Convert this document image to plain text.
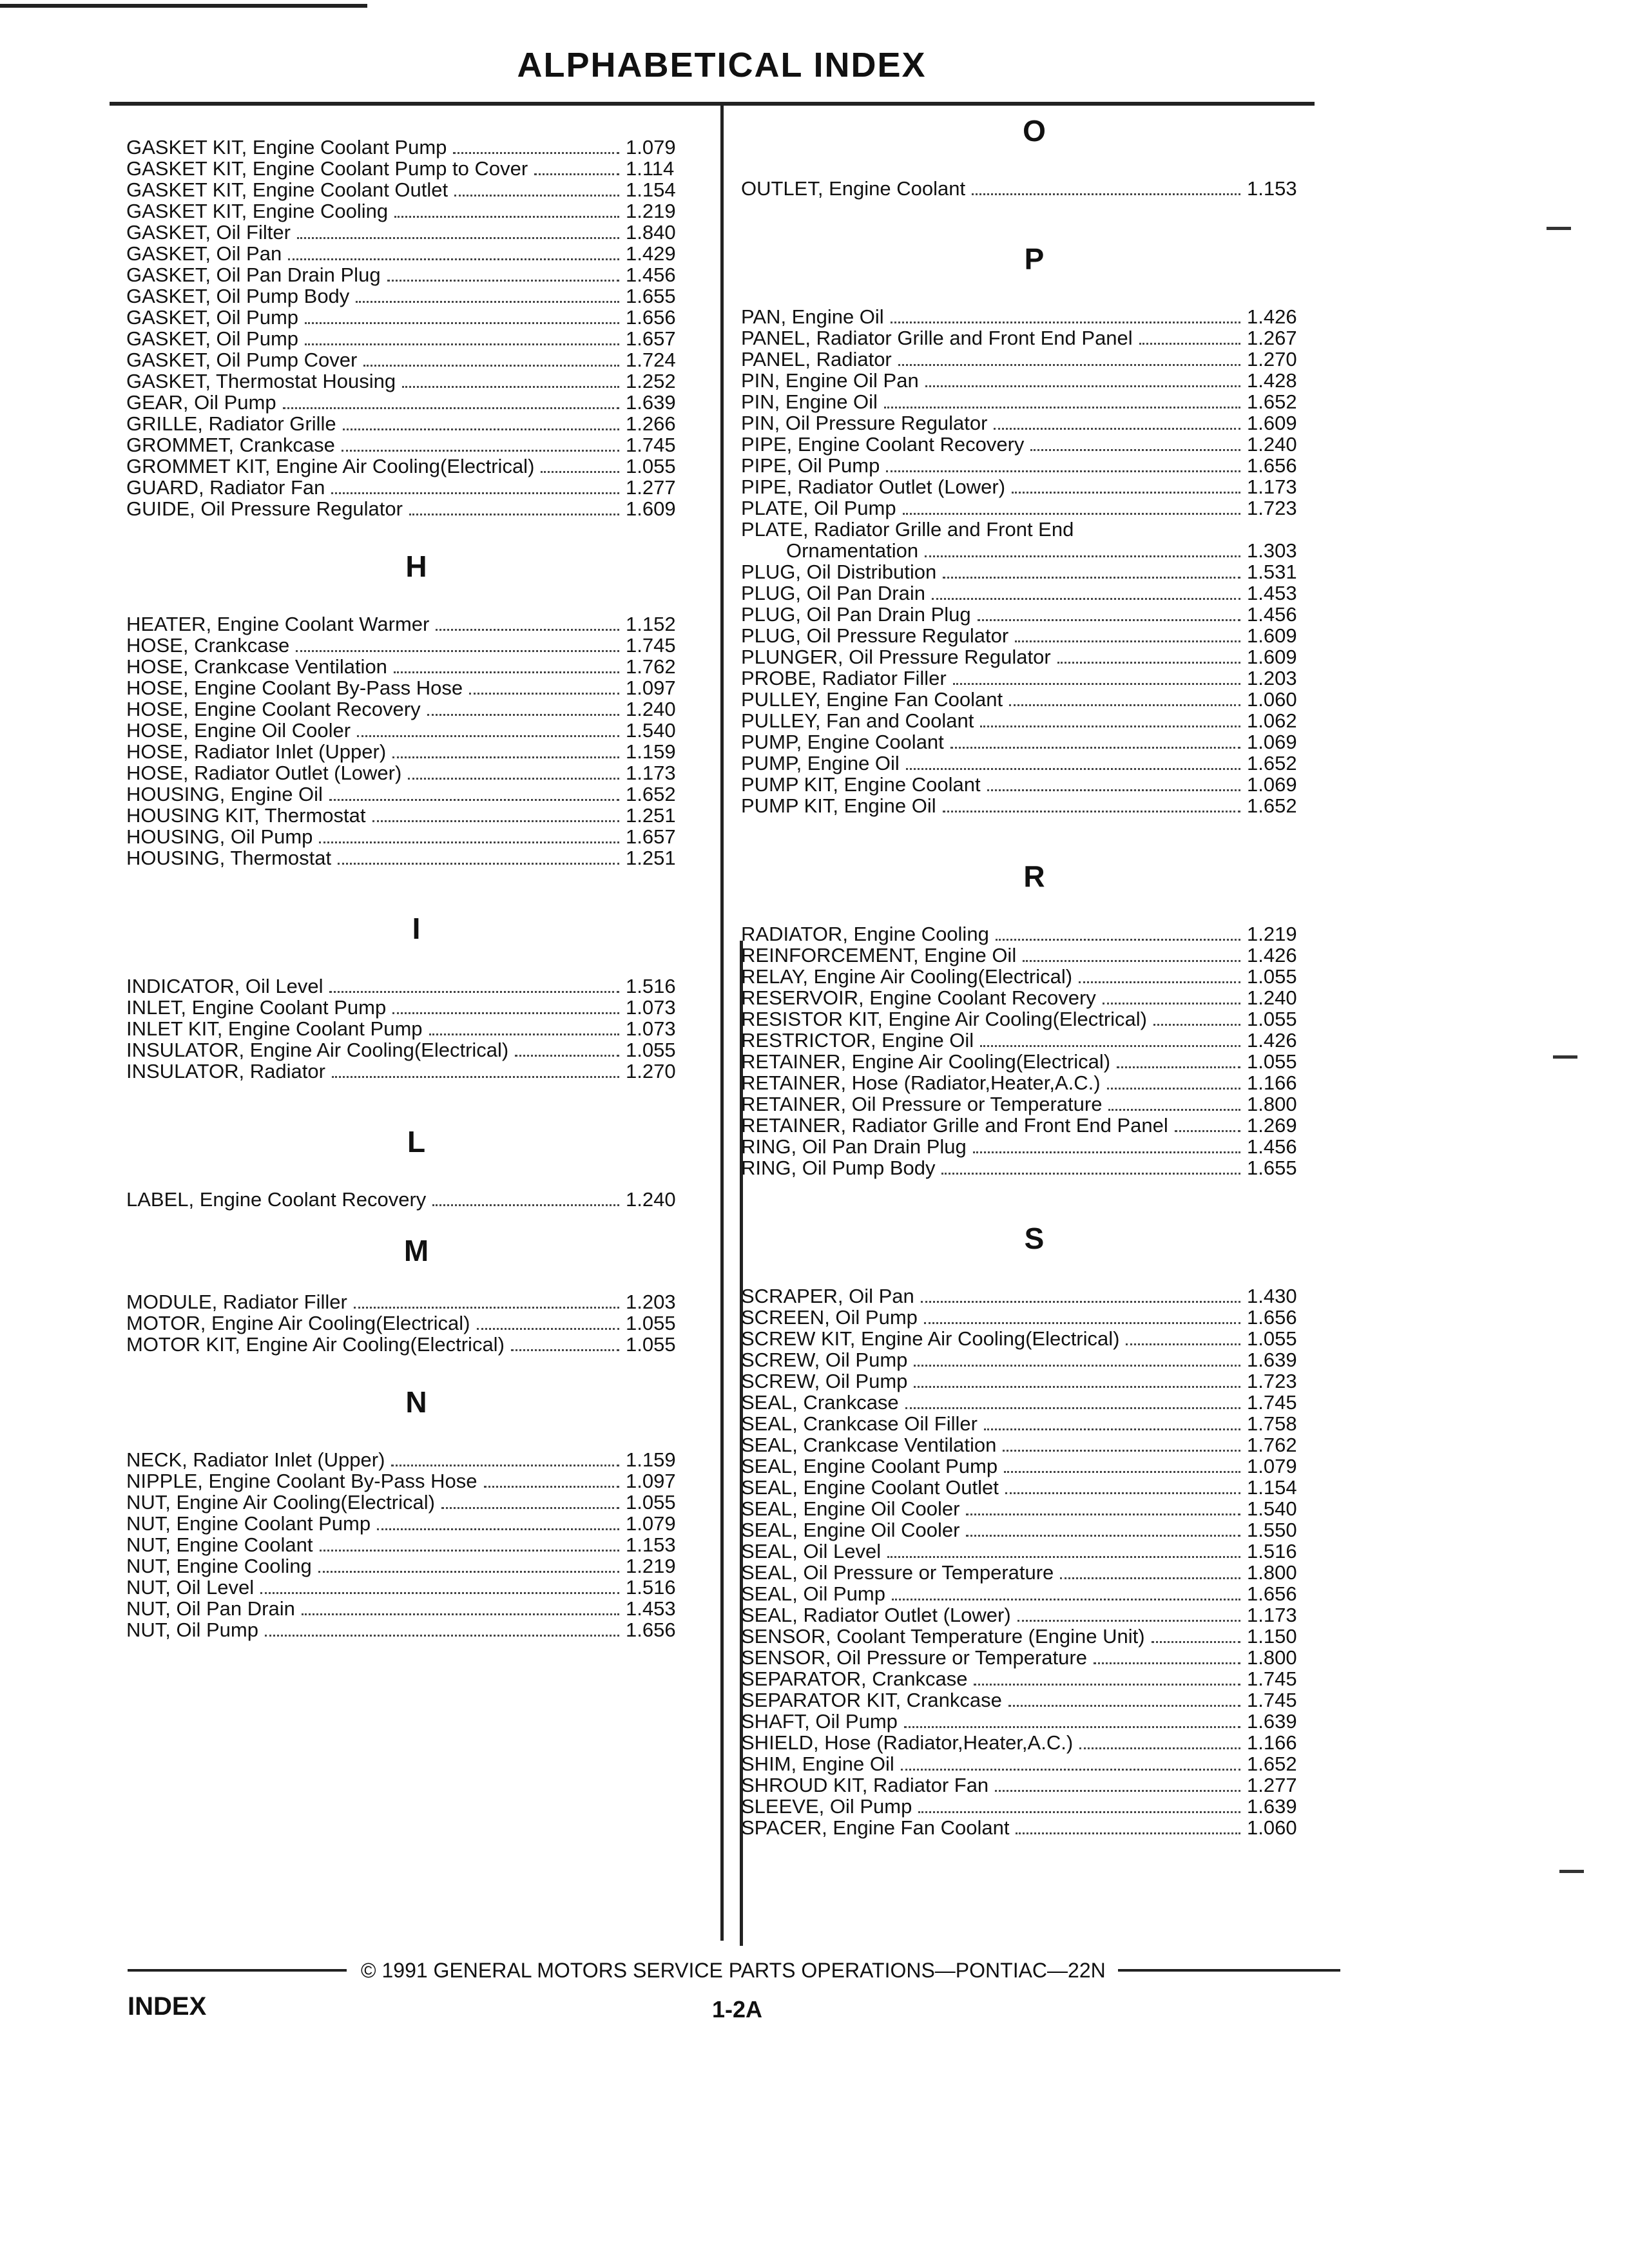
ALPHABETICAL INDEX
GASKET KIT, Engine Coolant Pump	1.079
GASKET KIT, Engine Coolant Pump to Cover	1.114
GASKET KIT, Engine Coolant Outlet	1.154
GASKET KIT, Engine Cooling	1.219
GASKET, Oil Filter	1.840
GASKET, Oil Pan	1.429
GASKET, Oil Pan Drain Plug	1.456
GASKET, Oil Pump Body	1.655
GASKET, Oil Pump	1.656
GASKET, Oil Pump	1.657
GASKET, Oil Pump Cover	1.724
GASKET, Thermostat Housing	1.252
GEAR, Oil Pump	1.639
GRILLE, Radiator Grille	1.266
GROMMET, Crankcase	1.745
GROMMET KIT, Engine Air Cooling(Electrical)	1.055
GUARD, Radiator Fan	1.277
GUIDE, Oil Pressure Regulator	1.609
H
HEATER, Engine Coolant Warmer	1.152
HOSE, Crankcase	1.745
HOSE, Crankcase Ventilation	1.762
HOSE, Engine Coolant By-Pass Hose	1.097
HOSE, Engine Coolant Recovery	1.240
HOSE, Engine Oil Cooler	1.540
HOSE, Radiator Inlet (Upper)	1.159
HOSE, Radiator Outlet (Lower)	1.173
HOUSING, Engine Oil	1.652
HOUSING KIT, Thermostat	1.251
HOUSING, Oil Pump	1.657
HOUSING, Thermostat	1.251
I
INDICATOR, Oil Level	1.516
INLET, Engine Coolant Pump	1.073
INLET KIT, Engine Coolant Pump	1.073
INSULATOR, Engine Air Cooling(Electrical)	1.055
INSULATOR, Radiator	1.270
L
LABEL, Engine Coolant Recovery	1.240
M
MODULE, Radiator Filler	1.203
MOTOR, Engine Air Cooling(Electrical)	1.055
MOTOR KIT, Engine Air Cooling(Electrical)	1.055
N
NECK, Radiator Inlet (Upper)	1.159
NIPPLE, Engine Coolant By-Pass Hose	1.097
NUT, Engine Air Cooling(Electrical)	1.055
NUT, Engine Coolant Pump	1.079
NUT, Engine Coolant	1.153
NUT, Engine Cooling	1.219
NUT, Oil Level	1.516
NUT, Oil Pan Drain	1.453
NUT, Oil Pump	1.656
O
OUTLET, Engine Coolant	1.153
P
PAN, Engine Oil	1.426
PANEL, Radiator Grille and Front End Panel	1.267
PANEL, Radiator	1.270
PIN, Engine Oil Pan	1.428
PIN, Engine Oil	1.652
PIN, Oil Pressure Regulator	1.609
PIPE, Engine Coolant Recovery	1.240
PIPE, Oil Pump	1.656
PIPE, Radiator Outlet (Lower)	1.173
PLATE, Oil Pump	1.723
PLATE, Radiator Grille and Front End
Ornamentation	1.303
PLUG, Oil Distribution	1.531
PLUG, Oil Pan Drain	1.453
PLUG, Oil Pan Drain Plug	1.456
PLUG, Oil Pressure Regulator	1.609
PLUNGER, Oil Pressure Regulator	1.609
PROBE, Radiator Filler	1.203
PULLEY, Engine Fan Coolant	1.060
PULLEY, Fan and Coolant	1.062
PUMP, Engine Coolant	1.069
PUMP, Engine Oil	1.652
PUMP KIT, Engine Coolant	1.069
PUMP KIT, Engine Oil	1.652
R
RADIATOR, Engine Cooling	1.219
REINFORCEMENT, Engine Oil	1.426
RELAY, Engine Air Cooling(Electrical)	1.055
RESERVOIR, Engine Coolant Recovery	1.240
RESISTOR KIT, Engine Air Cooling(Electrical)	1.055
RESTRICTOR, Engine Oil	1.426
RETAINER, Engine Air Cooling(Electrical)	1.055
RETAINER, Hose (Radiator,Heater,A.C.)	1.166
RETAINER, Oil Pressure or Temperature	1.800
RETAINER, Radiator Grille and Front End Panel	1.269
RING, Oil Pan Drain Plug	1.456
RING, Oil Pump Body	1.655
S
SCRAPER, Oil Pan	1.430
SCREEN, Oil Pump	1.656
SCREW KIT, Engine Air Cooling(Electrical)	1.055
SCREW, Oil Pump	1.639
SCREW, Oil Pump	1.723
SEAL, Crankcase	1.745
SEAL, Crankcase Oil Filler	1.758
SEAL, Crankcase Ventilation	1.762
SEAL, Engine Coolant Pump	1.079
SEAL, Engine Coolant Outlet	1.154
SEAL, Engine Oil Cooler	1.540
SEAL, Engine Oil Cooler	1.550
SEAL, Oil Level	1.516
SEAL, Oil Pressure or Temperature	1.800
SEAL, Oil Pump	1.656
SEAL, Radiator Outlet (Lower)	1.173
SENSOR, Coolant Temperature (Engine Unit)	1.150
SENSOR, Oil Pressure or Temperature	1.800
SEPARATOR, Crankcase	1.745
SEPARATOR KIT, Crankcase	1.745
SHAFT, Oil Pump	1.639
SHIELD, Hose (Radiator,Heater,A.C.)	1.166
SHIM, Engine Oil	1.652
SHROUD KIT, Radiator Fan	1.277
SLEEVE, Oil Pump	1.639
SPACER, Engine Fan Coolant	1.060
© 1991 GENERAL MOTORS SERVICE PARTS OPERATIONS—PONTIAC—22N
INDEX	1-2A
